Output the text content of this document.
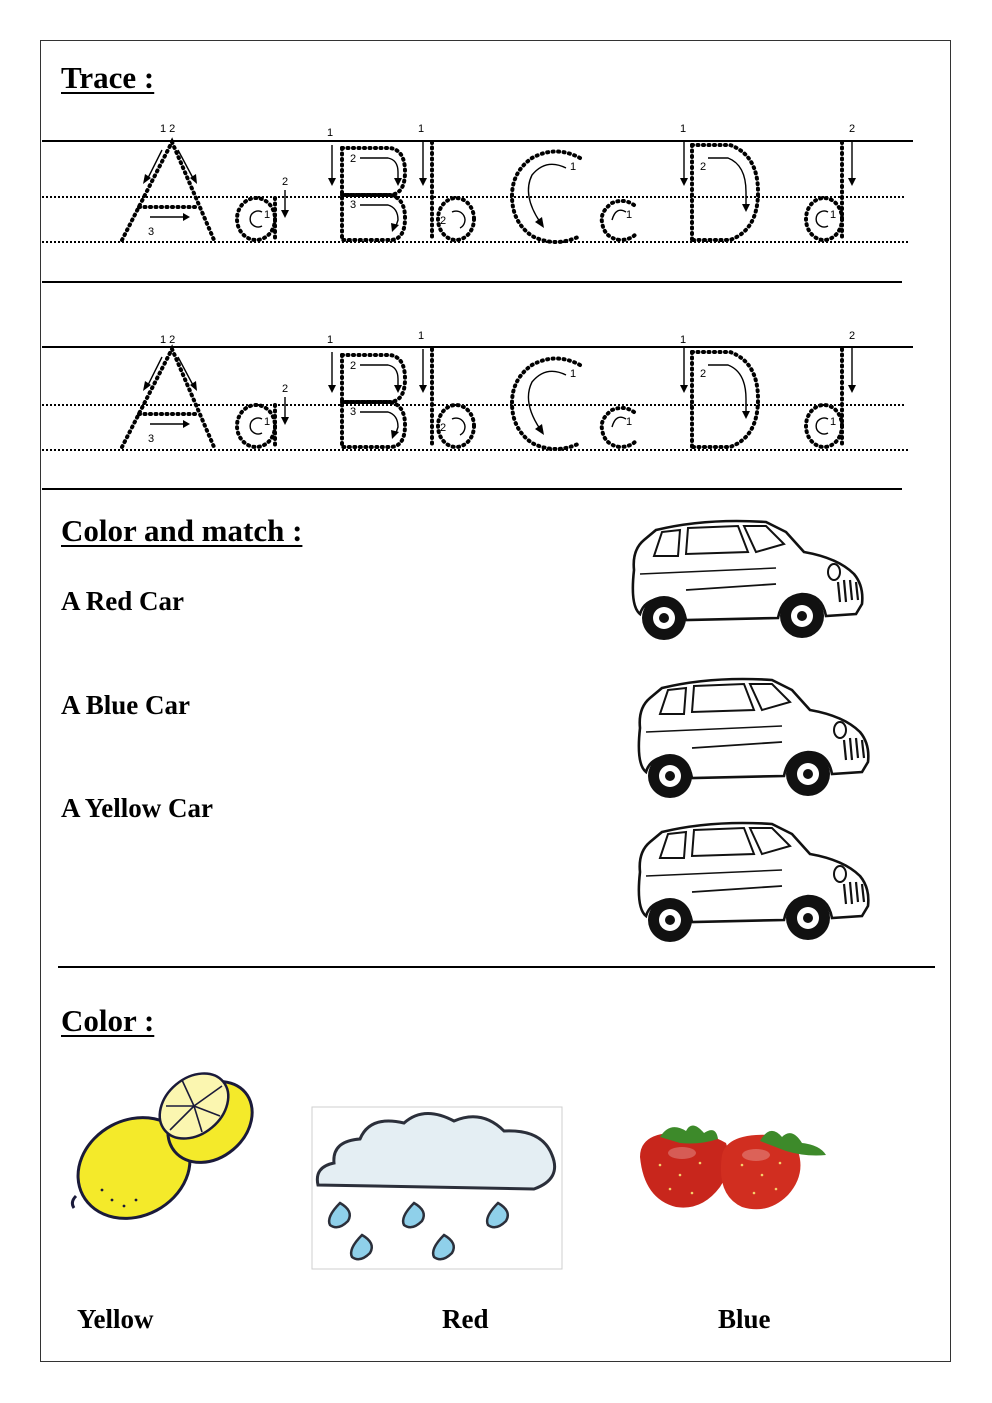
Trace :
1 2
3
1
2
1
2
3
1
2
1
1
1
2
2
1
1 2
3
1
2
1
2
3
1
2
1
1
1
2
2
1
Color and match :

A Red Car

A Blue Car

A Yellow Car

Color :

Yellow	Red	Blue
